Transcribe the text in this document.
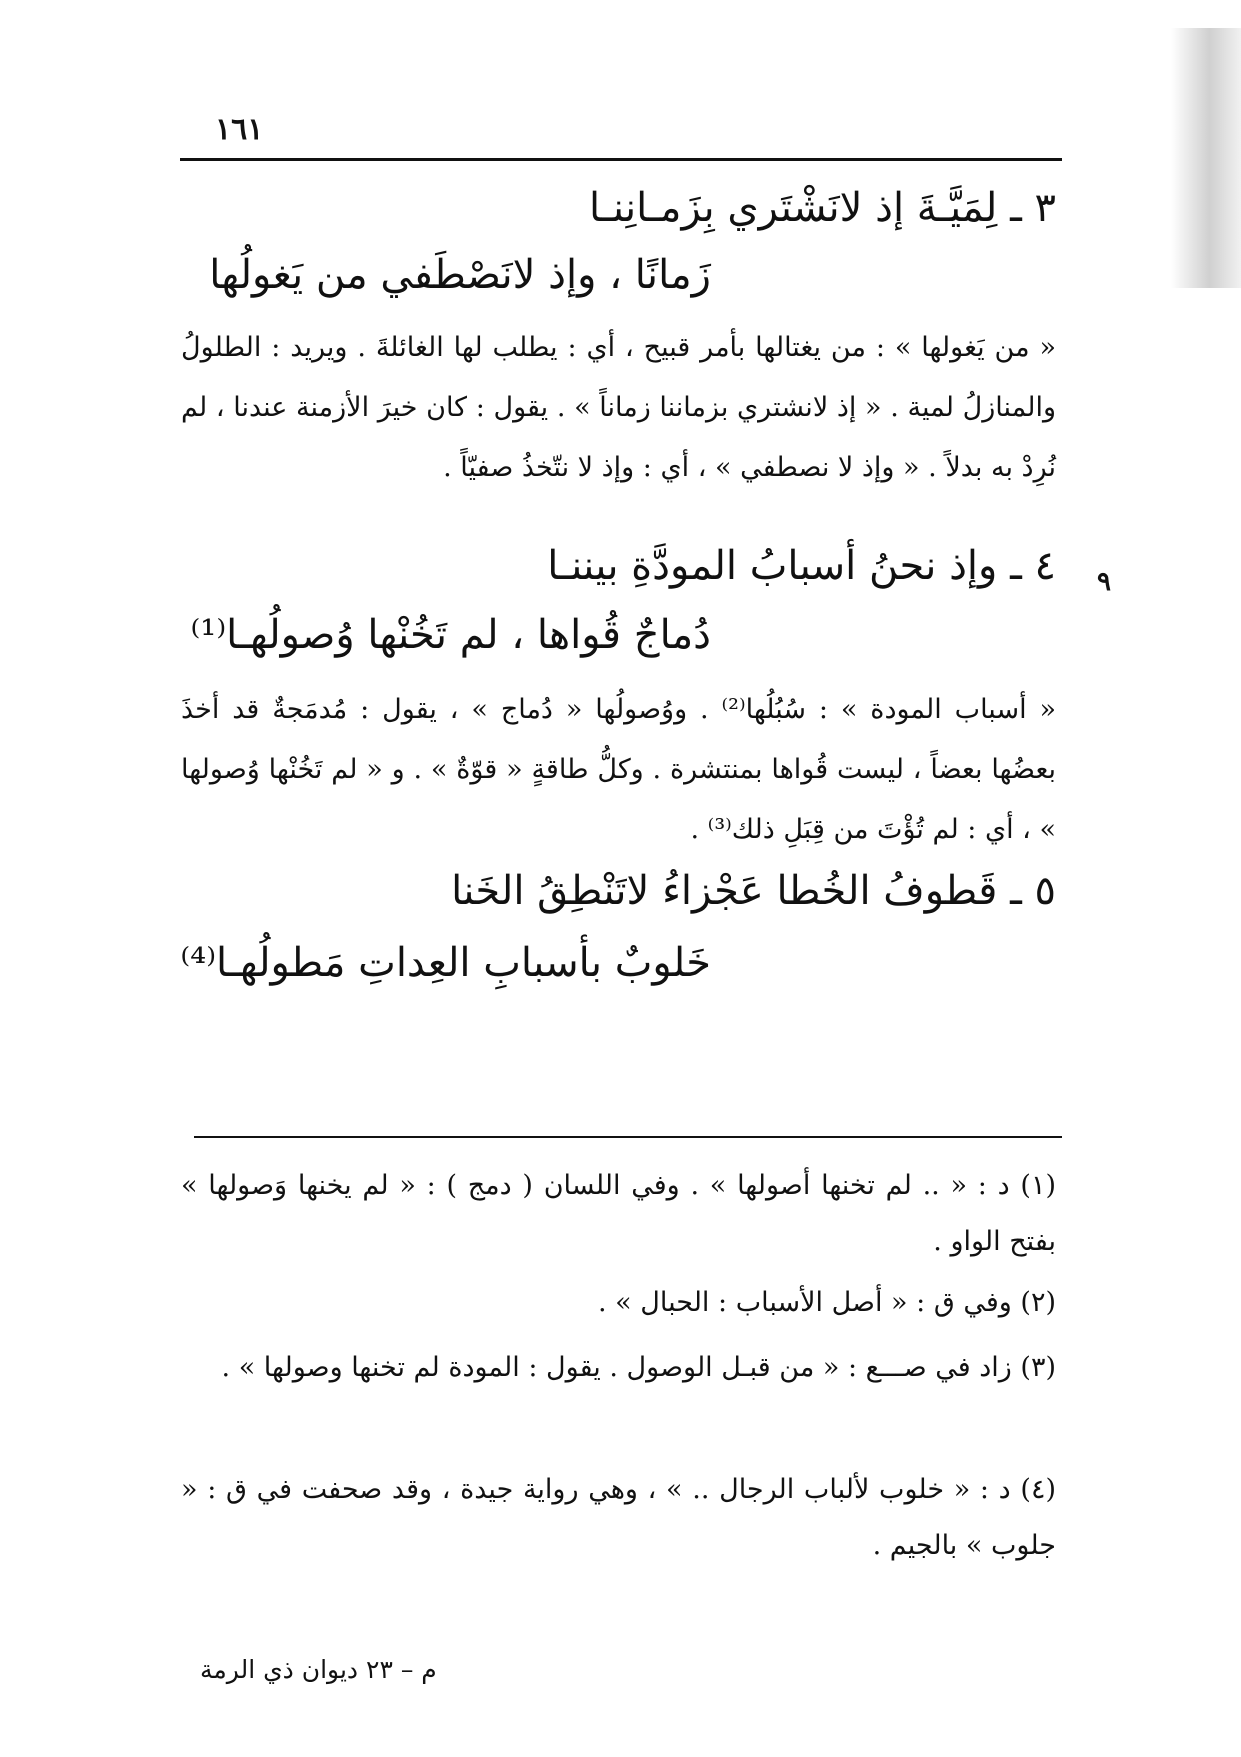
١٦١
٣ ـ لِمَيَّـةَ إذ لانَشْتَري بِزَمـانِنـا
زَمانًا ، وإذ لانَصْطَفي من يَغولُها
« من يَغولها » : من يغتالها بأمر قبيح ، أي : يطلب لها الغائلةَ . ويريد : الطلولُ والمنازلُ لمية . « إذ لانشتري بزماننا زماناً » . يقول : كان خيرَ الأزمنة عندنا ، لم نُرِدْ به بدلاً . « وإذ لا نصطفي » ، أي : وإذ لا نتّخذُ صفيّاً .
٩
٤ ـ وإذ نحنُ أسبابُ المودَّةِ بيننـا
دُماجٌ قُواها ، لم تَخُنْها وُصولُهـا⁽¹⁾
« أسباب المودة » : سُبُلُها⁽²⁾ . ووُصولُها « دُماج » ، يقول : مُدمَجةٌ قد أخذَ بعضُها بعضاً ، ليست قُواها بمنتشرة . وكلُّ طاقةٍ « قوّةٌ » . و « لم تَخُنْها وُصولها » ، أي : لم تُؤْتَ من قِبَلِ ذلك⁽³⁾ .
٥ ـ قَطوفُ الخُطا عَجْزاءُ لاتَنْطِقُ الخَنا
خَلوبٌ بأسبابِ العِداتِ مَطولُهـا⁽⁴⁾
(١) د : « .. لم تخنها أصولها » . وفي اللسان ( دمج ) : « لم يخنها وَصولها » بفتح الواو .
(٢) وفي ق : « أصل الأسباب : الحبال » .
(٣) زاد في صـــع : « من قبـل الوصول . يقول : المودة لم تخنها وصولها » .
(٤) د : « خلوب لألباب الرجال .. » ، وهي رواية جيدة ، وقد صحفت في ق : « جلوب » بالجيم .
م – ٢٣ ديوان ذي الرمة
